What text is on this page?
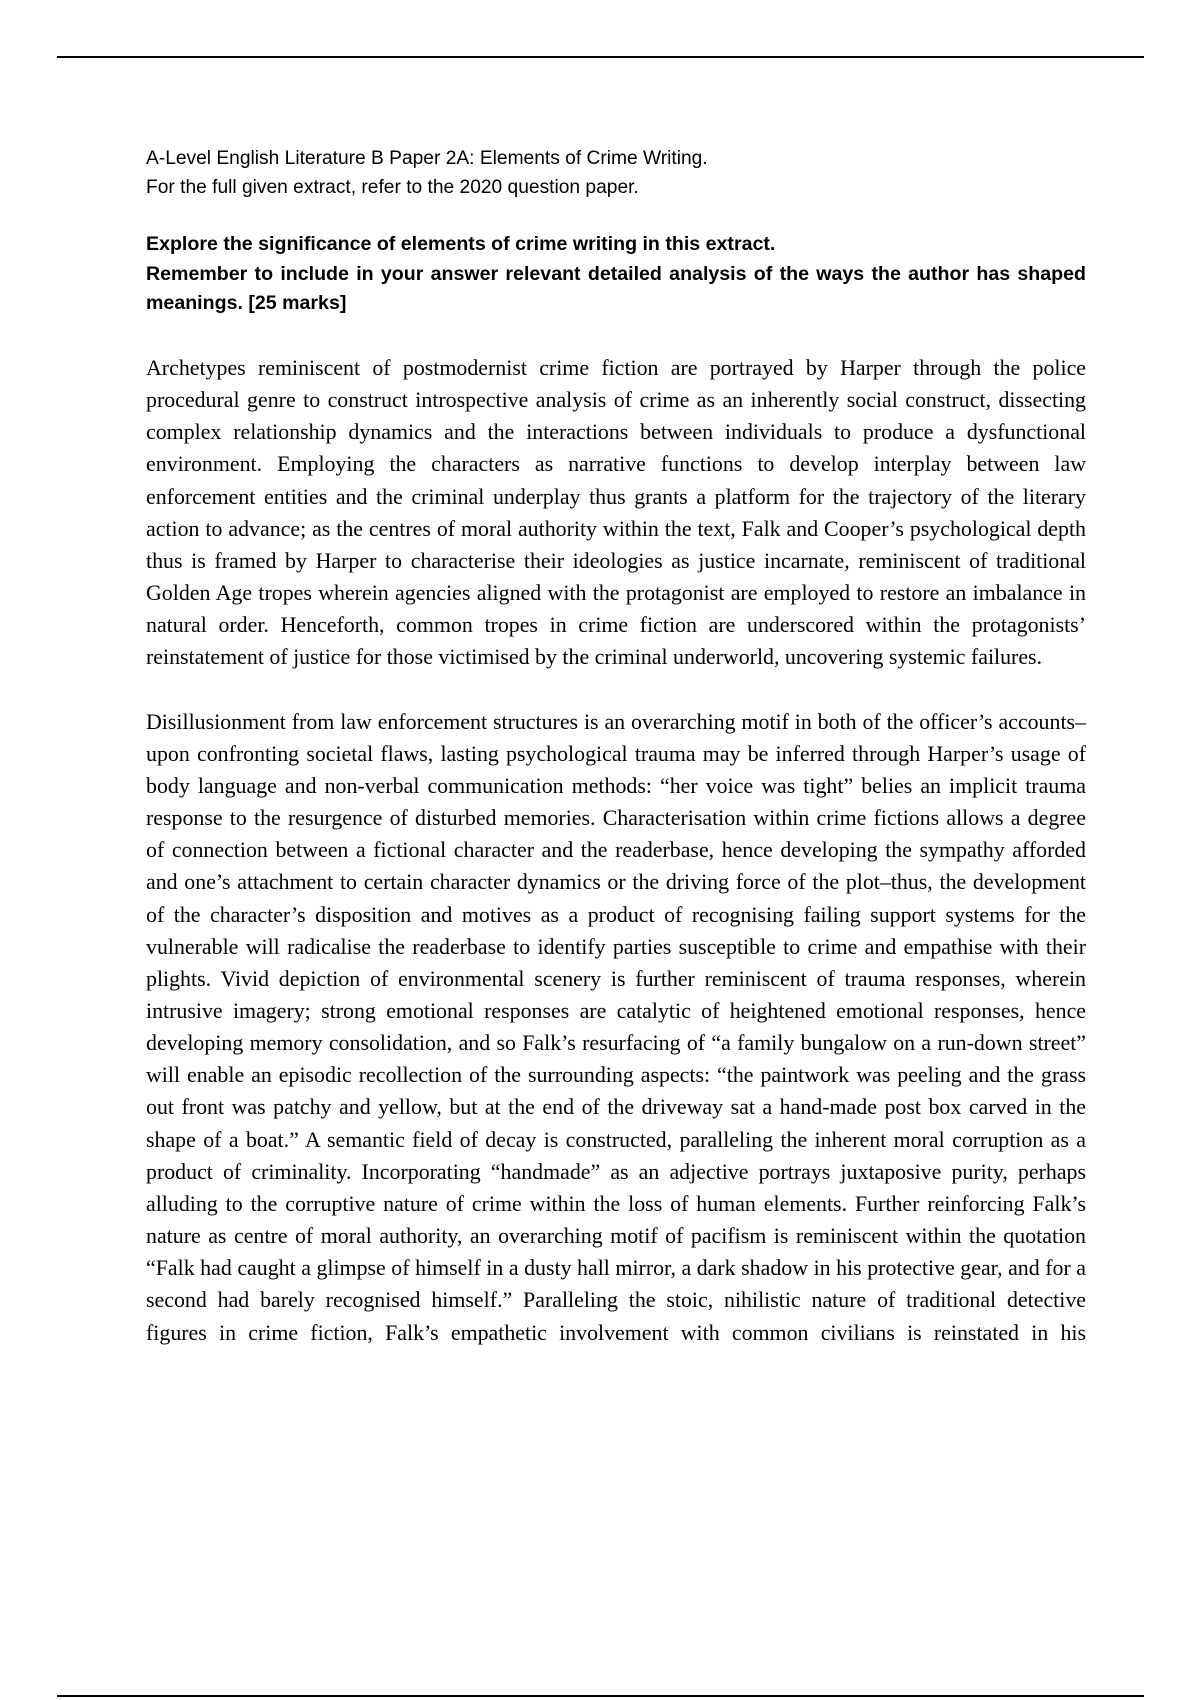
A-Level English Literature B Paper 2A: Elements of Crime Writing.

For the full given extract, refer to the 2020 question paper.

Explore the significance of elements of crime writing in this extract.

Remember to include in your answer relevant detailed analysis of the ways the author has shaped meanings. [25 marks]

Archetypes reminiscent of postmodernist crime fiction are portrayed by Harper through the police procedural genre to construct introspective analysis of crime as an inherently social construct, dissecting complex relationship dynamics and the interactions between individuals to produce a dysfunctional environment. Employing the characters as narrative functions to develop interplay between law enforcement entities and the criminal underplay thus grants a platform for the trajectory of the literary action to advance; as the centres of moral authority within the text, Falk and Cooper’s psychological depth thus is framed by Harper to characterise their ideologies as justice incarnate, reminiscent of traditional Golden Age tropes wherein agencies aligned with the protagonist are employed to restore an imbalance in natural order. Henceforth, common tropes in crime fiction are underscored within the protagonists’ reinstatement of justice for those victimised by the criminal underworld, uncovering systemic failures.

Disillusionment from law enforcement structures is an overarching motif in both of the officer’s accounts–upon confronting societal flaws, lasting psychological trauma may be inferred through Harper’s usage of body language and non-verbal communication methods: “her voice was tight” belies an implicit trauma response to the resurgence of disturbed memories. Characterisation within crime fictions allows a degree of connection between a fictional character and the readerbase, hence developing the sympathy afforded and one’s attachment to certain character dynamics or the driving force of the plot–thus, the development of the character’s disposition and motives as a product of recognising failing support systems for the vulnerable will radicalise the readerbase to identify parties susceptible to crime and empathise with their plights. Vivid depiction of environmental scenery is further reminiscent of trauma responses, wherein intrusive imagery; strong emotional responses are catalytic of heightened emotional responses, hence developing memory consolidation, and so Falk’s resurfacing of “a family bungalow on a run-down street” will enable an episodic recollection of the surrounding aspects: “the paintwork was peeling and the grass out front was patchy and yellow, but at the end of the driveway sat a hand-made post box carved in the shape of a boat.” A semantic field of decay is constructed, paralleling the inherent moral corruption as a product of criminality. Incorporating “handmade” as an adjective portrays juxtaposive purity, perhaps alluding to the corruptive nature of crime within the loss of human elements. Further reinforcing Falk’s nature as centre of moral authority, an overarching motif of pacifism is reminiscent within the quotation “Falk had caught a glimpse of himself in a dusty hall mirror, a dark shadow in his protective gear, and for a second had barely recognised himself.” Paralleling the stoic, nihilistic nature of traditional detective figures in crime fiction, Falk’s empathetic involvement with common civilians is reinstated in his
